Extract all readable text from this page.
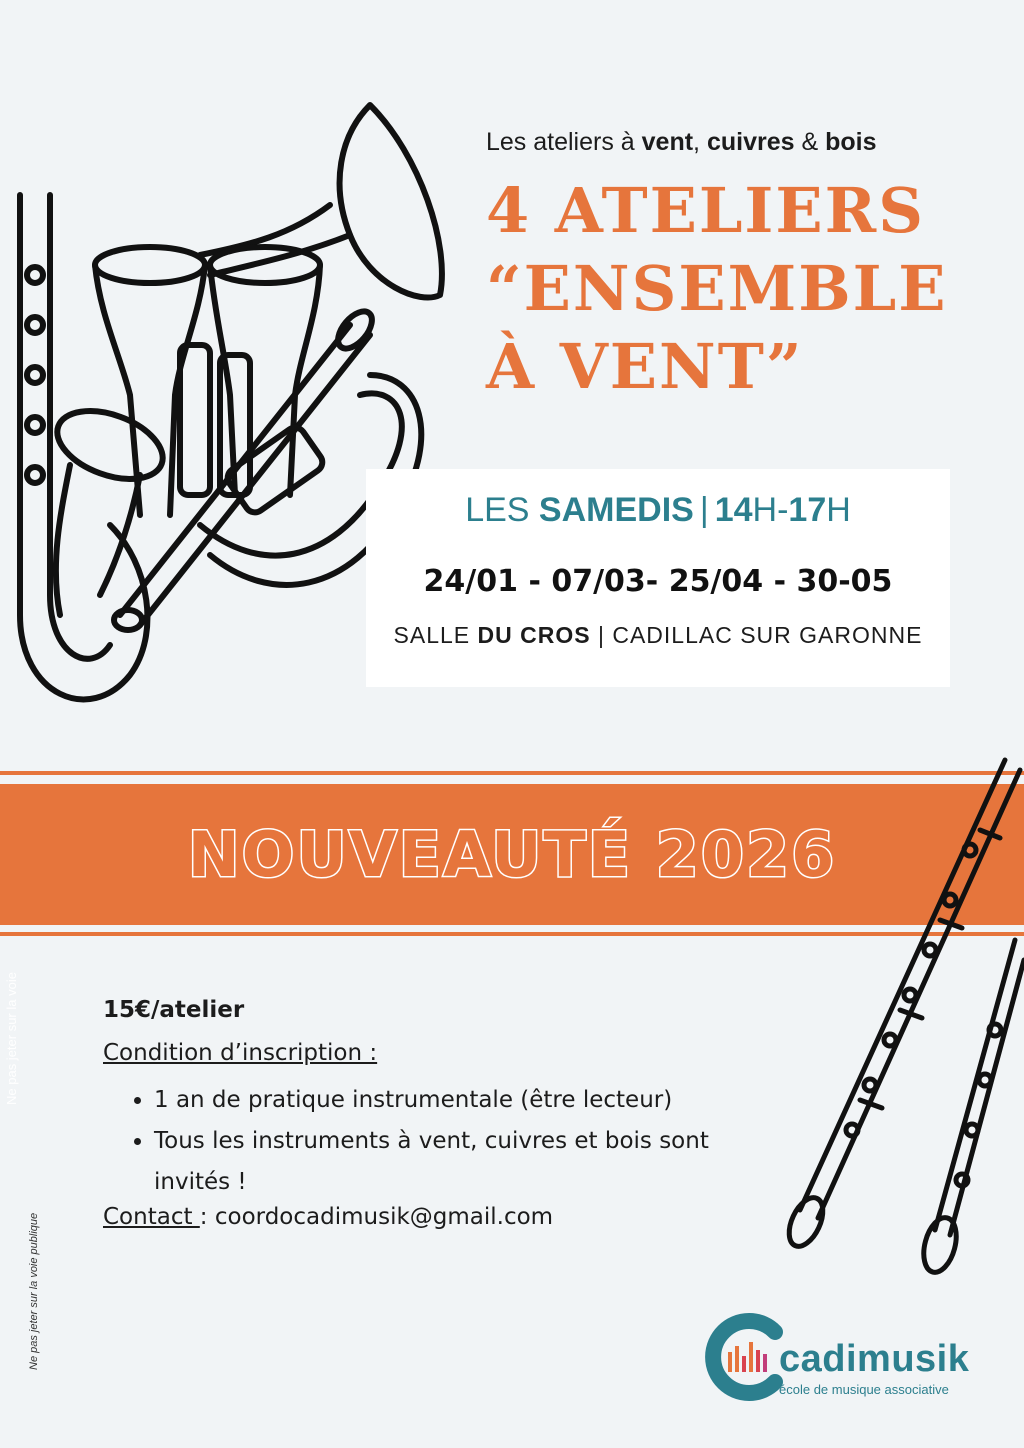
Les ateliers à vent, cuivres & bois
4 ATELIERS
“ENSEMBLE
À VENT”
LES SAMEDIS | 14H-17H
24/01 - 07/03- 25/04 - 30-05
SALLE DU CROS | CADILLAC SUR GARONNE
NOUVEAUTÉ 2026
15€/atelier
Condition d’inscription :
• 1 an de pratique instrumentale (être lecteur)
• Tous les instruments à vent, cuivres et bois sont invités !
Contact : coordocadimusik@gmail.com
Ne pas jeter sur la voie
Ne pas jeter sur la voie publique	cadimusik
école de musique associative
